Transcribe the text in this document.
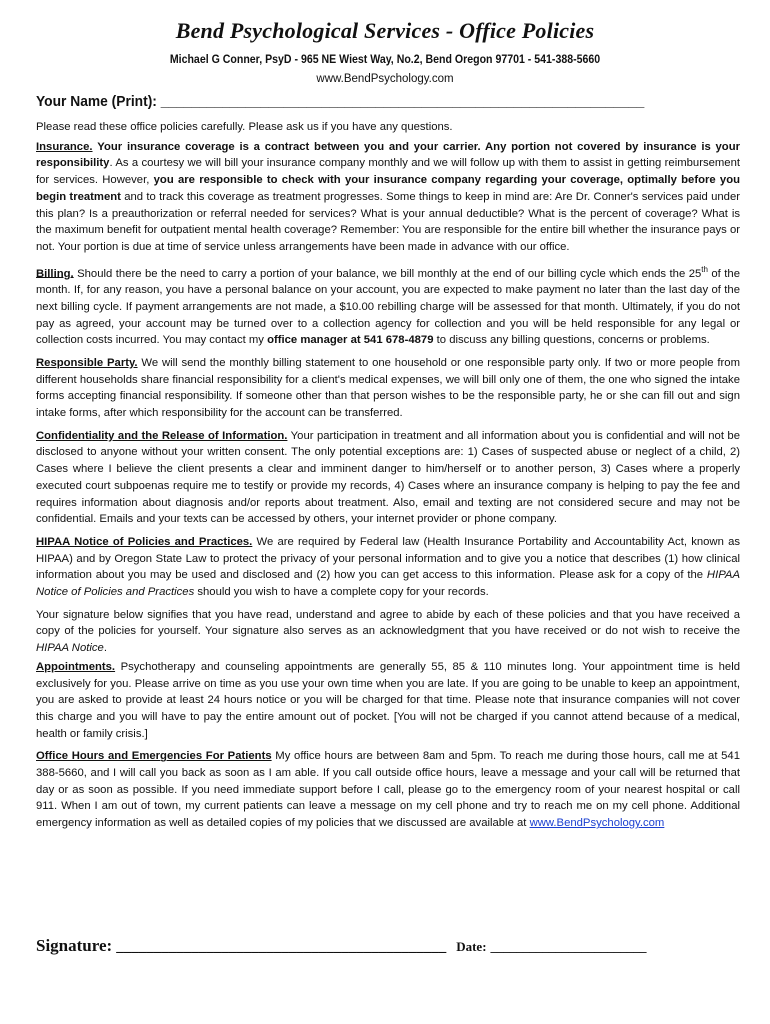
Bend Psychological Services - Office Policies
Michael G Conner, PsyD - 965 NE Wiest Way, No.2, Bend Oregon 97701 - 541-388-5660
www.BendPsychology.com
Your Name (Print): _______________________________________________________________

Please read these office policies carefully. Please ask us if you have any questions.

Insurance. Your insurance coverage is a contract between you and your carrier. Any portion not covered by insurance is your responsibility. As a courtesy we will bill your insurance company monthly and we will follow up with them to assist in getting reimbursement for services. However, you are responsible to check with your insurance company regarding your coverage, optimally before you begin treatment and to track this coverage as treatment progresses. Some things to keep in mind are: Are Dr. Conner's services paid under this plan? Is a preauthorization or referral needed for services? What is your annual deductible? What is the percent of coverage? What is the maximum benefit for outpatient mental health coverage? Remember: You are responsible for the entire bill whether the insurance pays or not. Your portion is due at time of service unless arrangements have been made in advance with our office.

Billing. Should there be the need to carry a portion of your balance, we bill monthly at the end of our billing cycle which ends the 25th of the month. If, for any reason, you have a personal balance on your account, you are expected to make payment no later than the last day of the next billing cycle. If payment arrangements are not made, a $10.00 rebilling charge will be assessed for that month. Ultimately, if you do not pay as agreed, your account may be turned over to a collection agency for collection and you will be held responsible for any legal or collection costs incurred. You may contact my office manager at 541 678-4879 to discuss any billing questions, concerns or problems.

Responsible Party. We will send the monthly billing statement to one household or one responsible party only. If two or more people from different households share financial responsibility for a client's medical expenses, we will bill only one of them, the one who signed the intake forms accepting financial responsibility. If someone other than that person wishes to be the responsible party, he or she can fill out and sign intake forms, after which responsibility for the account can be transferred.

Confidentiality and the Release of Information. Your participation in treatment and all information about you is confidential and will not be disclosed to anyone without your written consent. The only potential exceptions are: 1) Cases of suspected abuse or neglect of a child, 2) Cases where I believe the client presents a clear and imminent danger to him/herself or to another person, 3) Cases where a properly executed court subpoenas require me to testify or provide my records, 4) Cases where an insurance company is helping to pay the fee and requires information about diagnosis and/or reports about treatment. Also, email and texting are not considered secure and may not be confidential. Emails and your texts can be accessed by others, your internet provider or phone company.

HIPAA Notice of Policies and Practices. We are required by Federal law (Health Insurance Portability and Accountability Act, known as HIPAA) and by Oregon State Law to protect the privacy of your personal information and to give you a notice that describes (1) how clinical information about you may be used and disclosed and (2) how you can get access to this information. Please ask for a copy of the HIPAA Notice of Policies and Practices should you wish to have a complete copy for your records.

Your signature below signifies that you have read, understand and agree to abide by each of these policies and that you have received a copy of the policies for yourself. Your signature also serves as an acknowledgment that you have received or do not wish to receive the HIPAA Notice.

Appointments. Psychotherapy and counseling appointments are generally 55, 85 & 110 minutes long. Your appointment time is held exclusively for you. Please arrive on time as you use your own time when you are late. If you are going to be unable to keep an appointment, you are asked to provide at least 24 hours notice or you will be charged for that time. Please note that insurance companies will not cover this charge and you will have to pay the entire amount out of pocket. [You will not be charged if you cannot attend because of a medical, health or family crisis.]

Office Hours and Emergencies For Patients My office hours are between 8am and 5pm. To reach me during those hours, call me at 541 388-5660, and I will call you back as soon as I am able. If you call outside office hours, leave a message and your call will be returned that day or as soon as possible. If you need immediate support before I call, please go to the emergency room of your nearest hospital or call 911. When I am out of town, my current patients can leave a message on my cell phone and try to reach me on my cell phone. Additional emergency information as well as detailed copies of my policies that we discussed are available at www.BendPsychology.com

Signature: ____________________________________________ Date: ________________________
